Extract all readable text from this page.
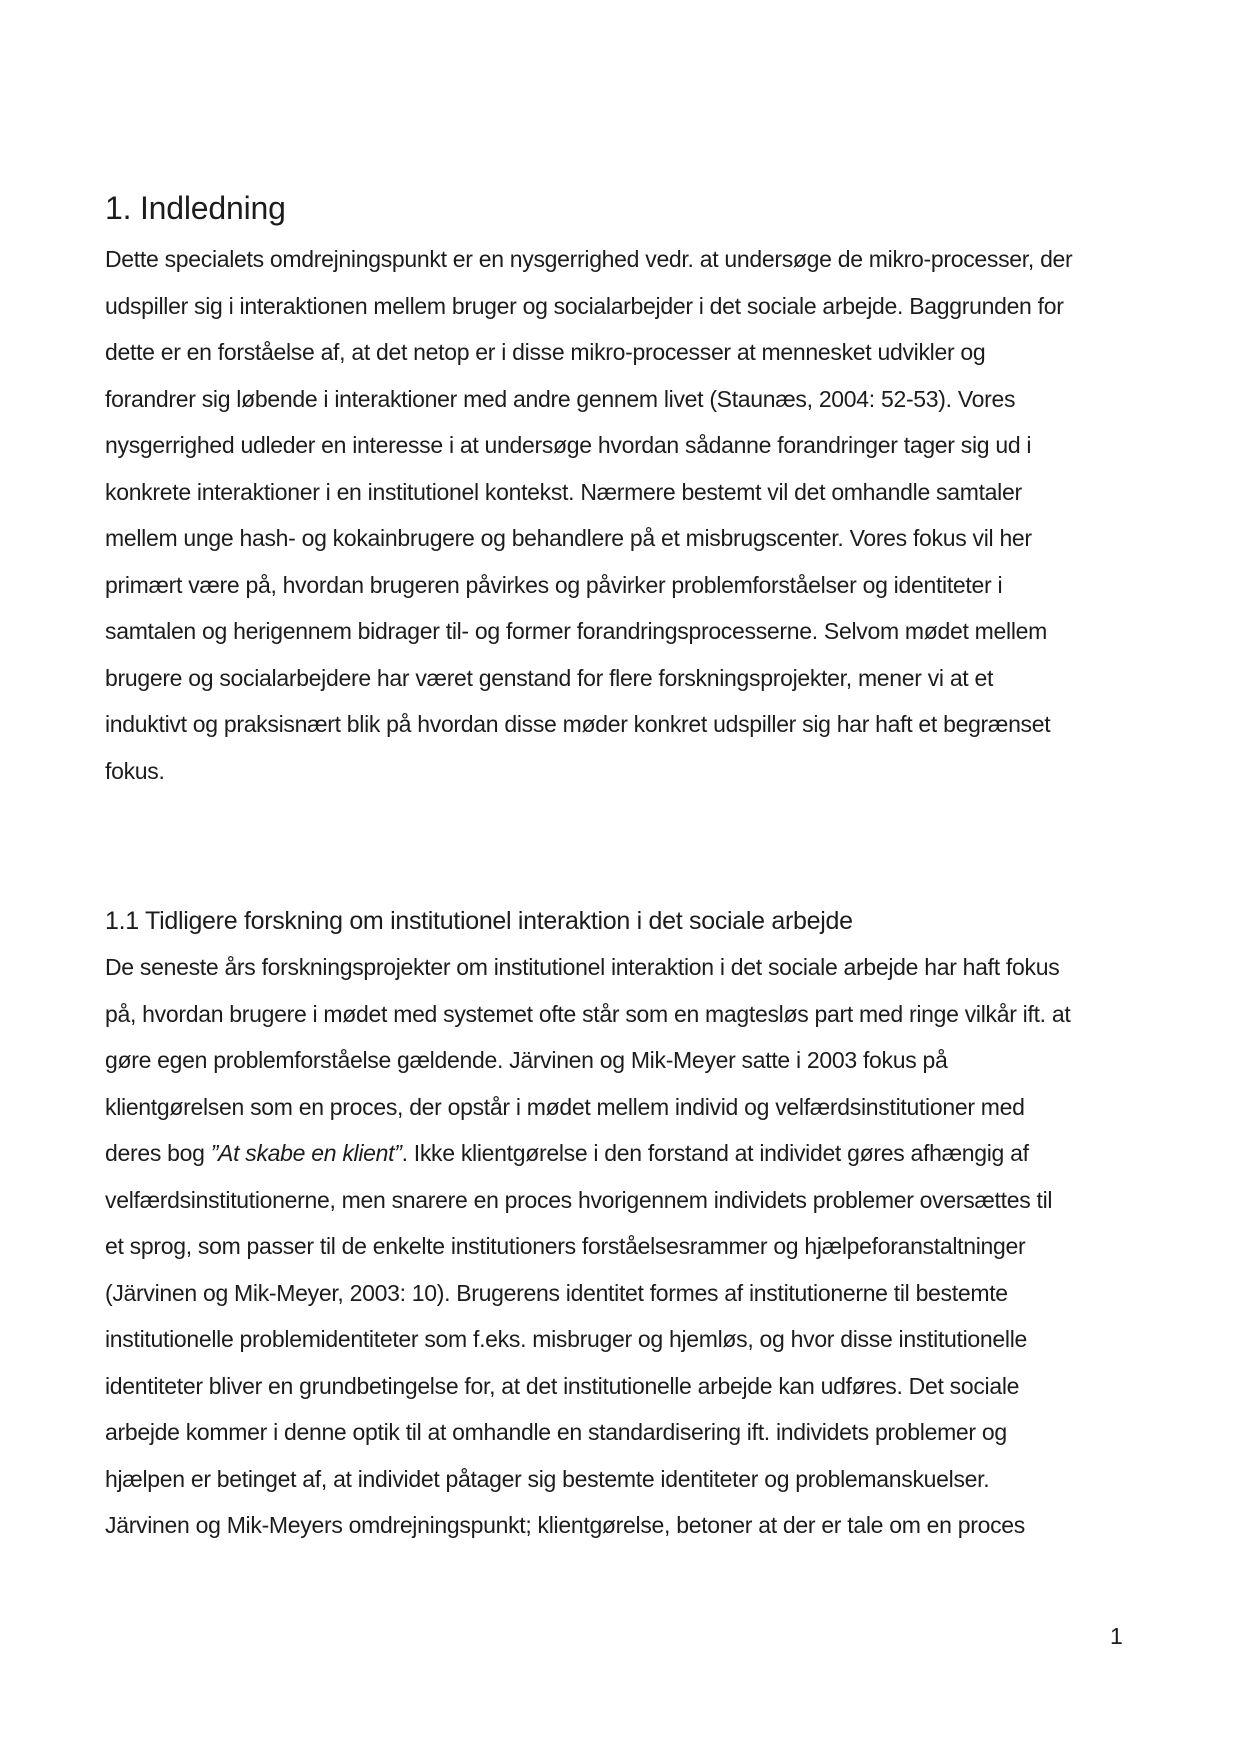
1. Indledning
Dette specialets omdrejningspunkt er en nysgerrighed vedr. at undersøge de mikro-processer, der
udspiller sig i interaktionen mellem bruger og socialarbejder i det sociale arbejde. Baggrunden for
dette er en forståelse af, at det netop er i disse mikro-processer at mennesket udvikler og
forandrer sig løbende i interaktioner med andre gennem livet (Staunæs, 2004: 52-53). Vores
nysgerrighed udleder en interesse i at undersøge hvordan sådanne forandringer tager sig ud i
konkrete interaktioner i en institutionel kontekst. Nærmere bestemt vil det omhandle samtaler
mellem unge hash- og kokainbrugere og behandlere på et misbrugscenter. Vores fokus vil her
primært være på, hvordan brugeren påvirkes og påvirker problemforståelser og identiteter i
samtalen og herigennem bidrager til- og former forandringsprocesserne. Selvom mødet mellem
brugere og socialarbejdere har været genstand for flere forskningsprojekter, mener vi at et
induktivt og praksisnært blik på hvordan disse møder konkret udspiller sig har haft et begrænset
fokus.
1.1 Tidligere forskning om institutionel interaktion i det sociale arbejde
De seneste års forskningsprojekter om institutionel interaktion i det sociale arbejde har haft fokus
på, hvordan brugere i mødet med systemet ofte står som en magtesløs part med ringe vilkår ift. at
gøre egen problemforståelse gældende. Järvinen og Mik-Meyer satte i 2003 fokus på
klientgørelsen som en proces, der opstår i mødet mellem individ og velfærdsinstitutioner med
deres bog ”At skabe en klient”. Ikke klientgørelse i den forstand at individet gøres afhængig af
velfærdsinstitutionerne, men snarere en proces hvorigennem individets problemer oversættes til
et sprog, som passer til de enkelte institutioners forståelsesrammer og hjælpeforanstaltninger
(Järvinen og Mik-Meyer, 2003: 10). Brugerens identitet formes af institutionerne til bestemte
institutionelle problemidentiteter som f.eks. misbruger og hjemløs, og hvor disse institutionelle
identiteter bliver en grundbetingelse for, at det institutionelle arbejde kan udføres. Det sociale
arbejde kommer i denne optik til at omhandle en standardisering ift. individets problemer og
hjælpen er betinget af, at individet påtager sig bestemte identiteter og problemanskuelser.
Järvinen og Mik-Meyers omdrejningspunkt; klientgørelse, betoner at der er tale om en proces
1
